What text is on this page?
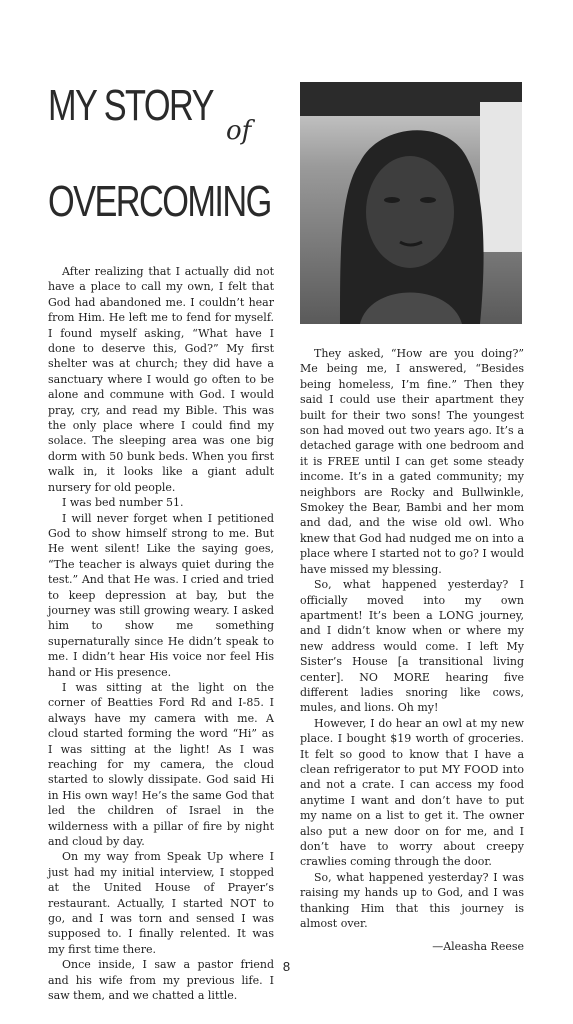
MY STORY
of
OVERCOMING

After realizing that I actually did not have a place to call my own, I felt that God had abandoned me. I couldn’t hear from Him. He left me to fend for myself. I found myself asking, “What have I done to deserve this, God?” My first shelter was at church; they did have a sanctuary where I would go often to be alone and commune with God. I would pray, cry, and read my Bible. This was the only place where I could find my solace. The sleeping area was one big dorm with 50 bunk beds. When you first walk in, it looks like a giant adult nursery for old people.

I was bed number 51.

I will never forget when I petitioned God to show himself strong to me. But He went silent! Like the saying goes, “The teacher is always quiet during the test.” And that He was. I cried and tried to keep depression at bay, but the journey was still growing weary. I asked him to show me something supernaturally since He didn’t speak to me. I didn’t hear His voice nor feel His hand or His presence.

I was sitting at the light on the corner of Beatties Ford Rd and I-85. I always have my camera with me. A cloud started forming the word “Hi” as I was sitting at the light! As I was reaching for my camera, the cloud started to slowly dissipate. God said Hi in His own way! He’s the same God that led the children of Israel in the wilderness with a pillar of fire by night and cloud by day.

On my way from Speak Up where I just had my initial interview, I stopped at the United House of Prayer’s restaurant. Actually, I started NOT to go, and I was torn and sensed I was supposed to. I finally relented. It was my first time there.

Once inside, I saw a pastor friend and his wife from my previous life. I saw them, and we chatted a little.

They asked, “How are you doing?” Me being me, I answered, “Besides being homeless, I’m fine.” Then they said I could use their apartment they built for their two sons! The youngest son had moved out two years ago. It’s a detached garage with one bedroom and it is FREE until I can get some steady income. It’s in a gated community; my neighbors are Rocky and Bullwinkle, Smokey the Bear, Bambi and her mom and dad, and the wise old owl. Who knew that God had nudged me on into a place where I started not to go? I would have missed my blessing.

So, what happened yesterday? I officially moved into my own apartment! It’s been a LONG journey, and I didn’t know when or where my new address would come. I left My Sister’s House [a transitional living center]. NO MORE hearing five different ladies snoring like cows, mules, and lions. Oh my!

However, I do hear an owl at my new place. I bought $19 worth of groceries. It felt so good to know that I have a clean refrigerator to put MY FOOD into and not a crate. I can access my food anytime I want and don’t have to put my name on a list to get it. The owner also put a new door on for me, and I don’t have to worry about creepy crawlies coming through the door.

So, what happened yesterday? I was raising my hands up to God, and I was thanking Him that this journey is almost over.

—Aleasha Reese

8
